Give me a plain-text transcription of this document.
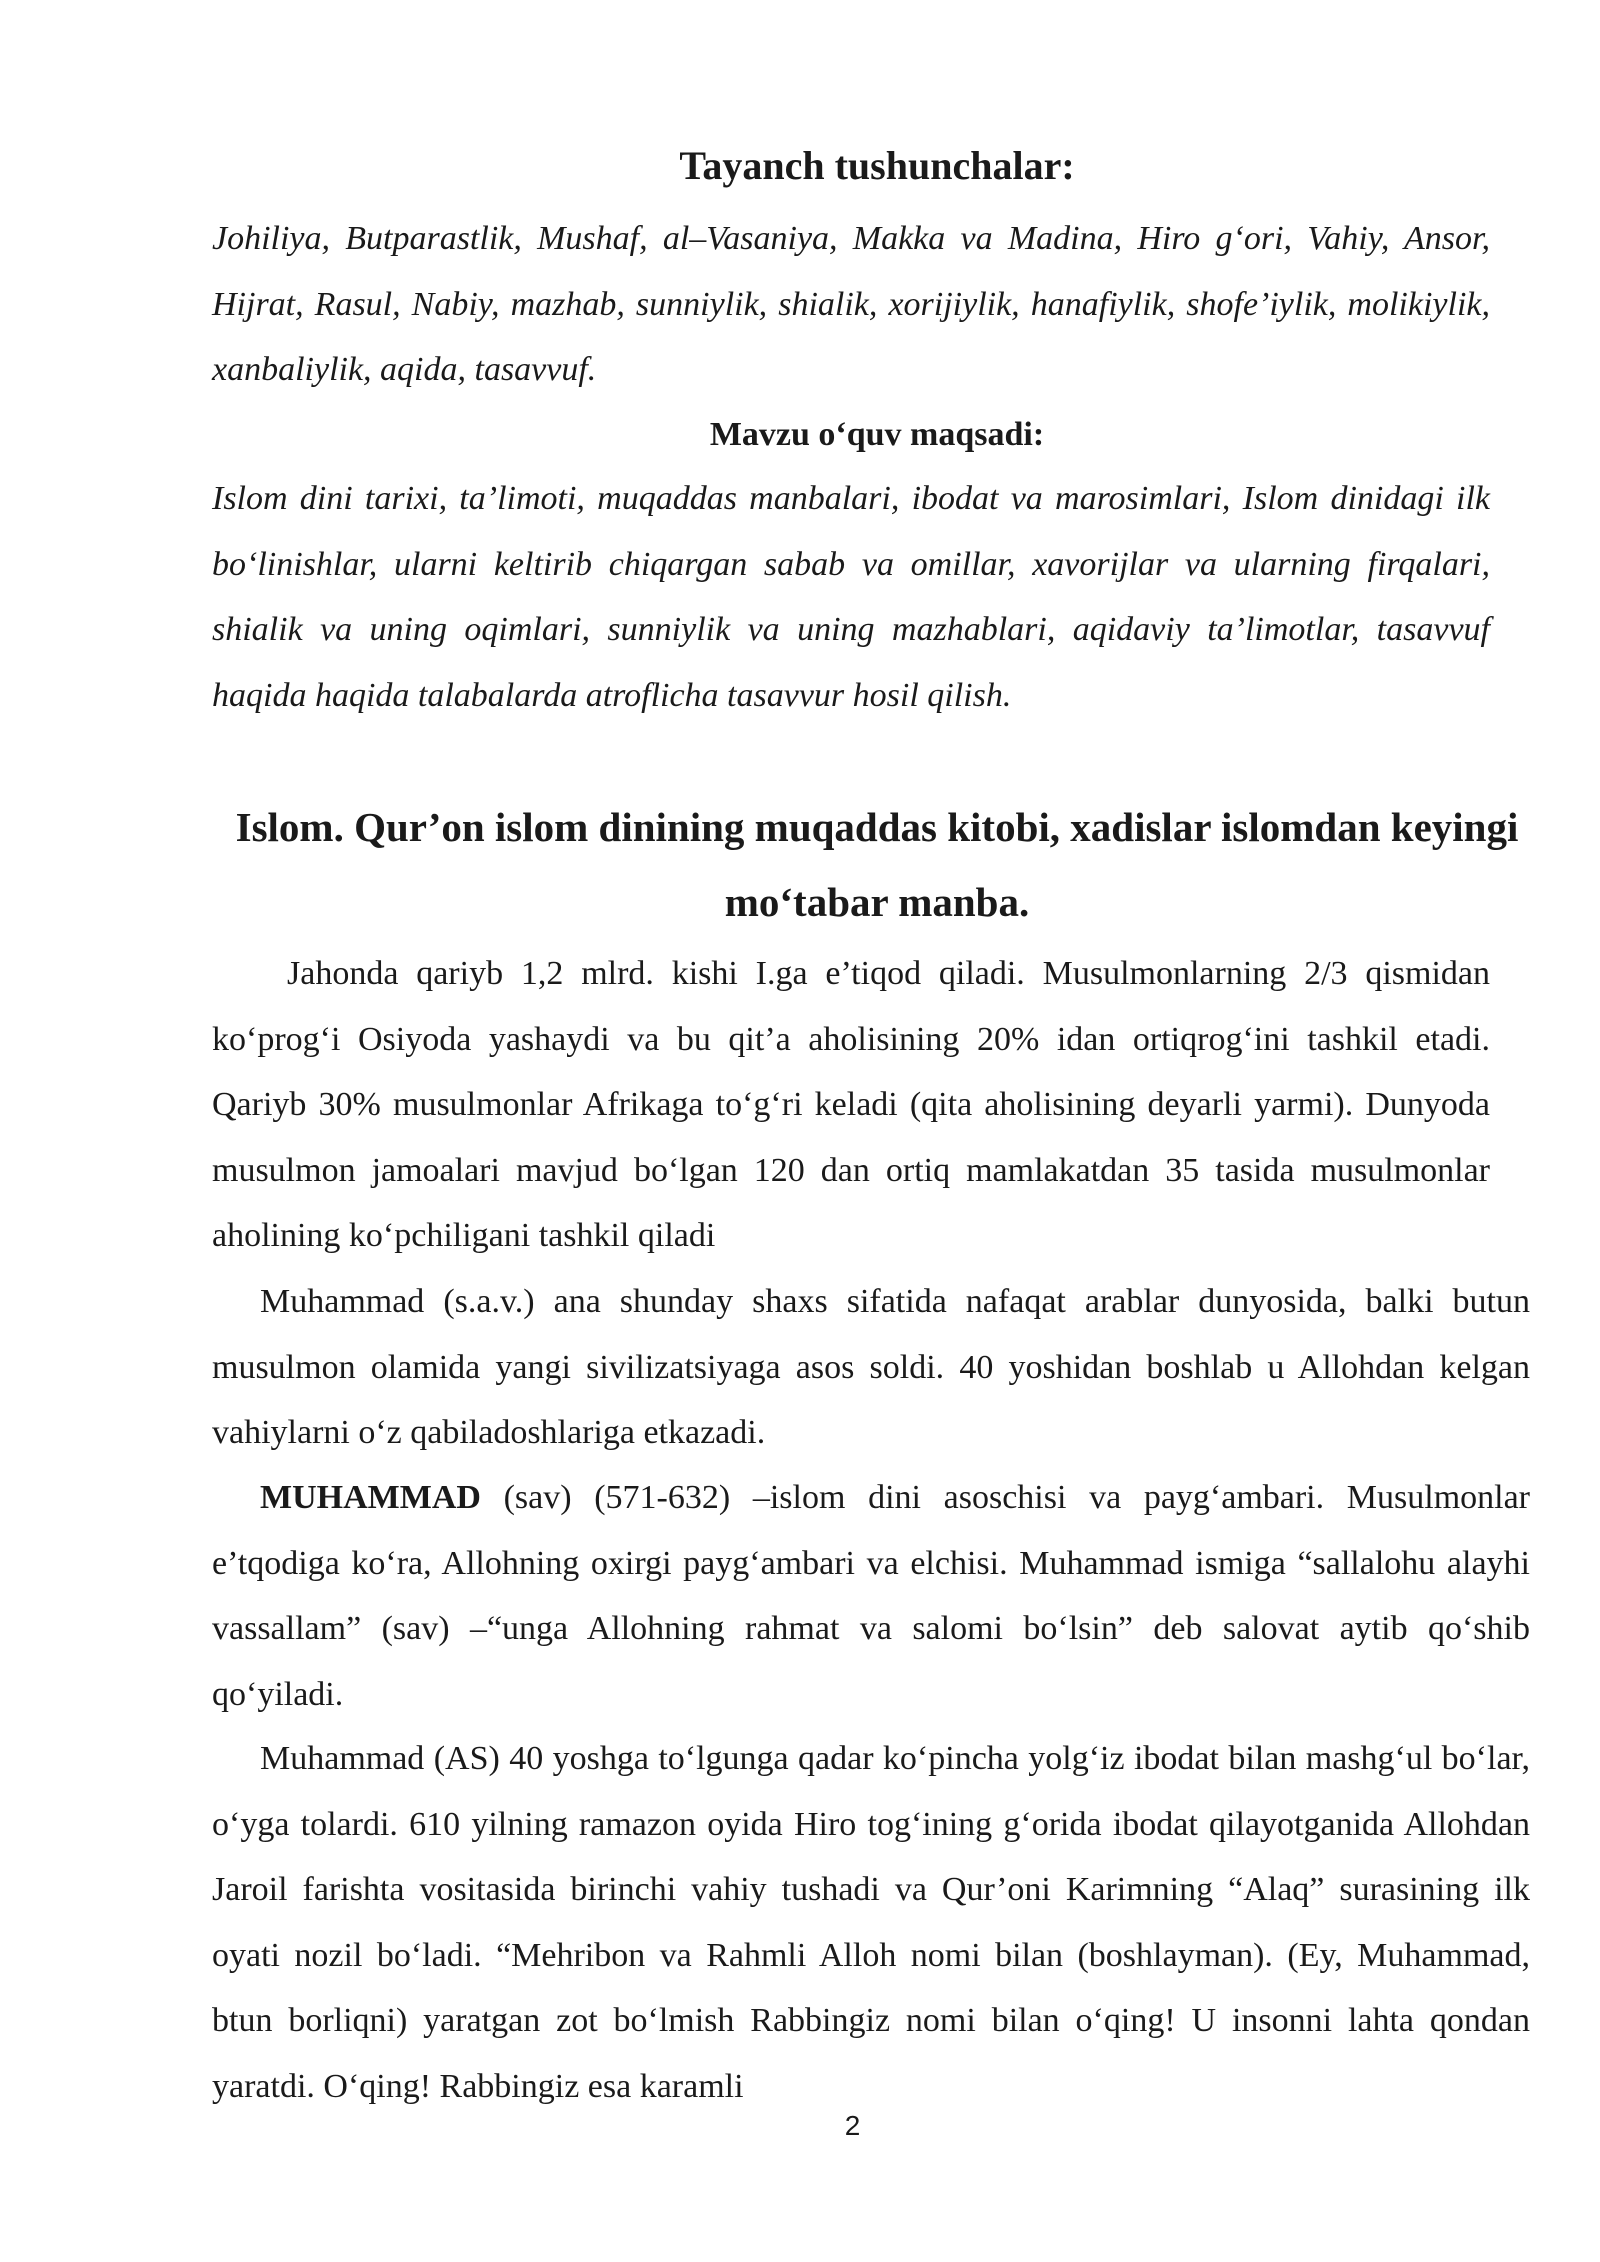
Tayanch tushunchalar:
Johiliya, Butparastlik, Mushaf, al–Vasaniya, Makka va Madina, Hiro g‘ori, Vahiy, Ansor, Hijrat, Rasul, Nabiy, mazhab, sunniylik, shialik, xorijiylik, hanafiylik, shofe’iylik, molikiylik, xanbaliylik, aqida, tasavvuf.
Mavzu o‘quv maqsadi:
Islom dini tarixi, ta’limoti, muqaddas manbalari, ibodat va marosimlari, Islom dinidagi ilk bo‘linishlar, ularni keltirib chiqargan sabab va omillar, xavorijlar va ularning firqalari, shialik va uning oqimlari, sunniylik va uning mazhablari, aqidaviy ta’limotlar, tasavvuf haqida haqida talabalarda atroflicha tasavvur hosil qilish.
Islom. Qur’on islom dinining muqaddas kitobi, xadislar islomdan keyingi mo‘tabar manba.
Jahonda qariyb 1,2 mlrd. kishi I.ga e’tiqod qiladi. Musulmonlarning 2/3 qismidan ko‘prog‘i Osiyoda yashaydi va bu qit’a aholisining 20% idan ortiqrog‘ini tashkil etadi. Qariyb 30% musulmonlar Afrikaga to‘g‘ri keladi (qita aholisining deyarli yarmi). Dunyoda musulmon jamoalari mavjud bo‘lgan 120 dan ortiq mamlakatdan 35 tasida musulmonlar aholining ko‘pchiligani tashkil qiladi
Muhammad (s.a.v.) ana shunday shaxs sifatida nafaqat arablar dunyosida, balki butun musulmon olamida yangi sivilizatsiyaga asos soldi. 40 yoshidan boshlab u Allohdan kelgan vahiylarni o‘z qabiladoshlariga etkazadi.
MUHAMMAD (sav) (571-632) –islom dini asoschisi va payg‘ambari. Musulmonlar e’tqodiga ko‘ra, Allohning oxirgi payg‘ambari va elchisi. Muhammad ismiga “sallalohu alayhi vassallam” (sav) –“unga Allohning rahmat va salomi bo‘lsin” deb salovat aytib qo‘shib qo‘yiladi.
Muhammad (AS) 40 yoshga to‘lgunga qadar ko‘pincha yolg‘iz ibodat bilan mashg‘ul bo‘lar, o‘yga tolardi. 610 yilning ramazon oyida Hiro tog‘ining g‘orida ibodat qilayotganida Allohdan Jaroil farishta vositasida birinchi vahiy tushadi va Qur’oni Karimning “Alaq” surasining ilk oyati nozil bo‘ladi. “Mehribon va Rahmli Alloh nomi bilan (boshlayman). (Ey, Muhammad, btun borliqni) yaratgan zot bo‘lmish Rabbingiz nomi bilan o‘qing! U insonni lahta qondan yaratdi. O‘qing! Rabbingiz esa karamli
2
